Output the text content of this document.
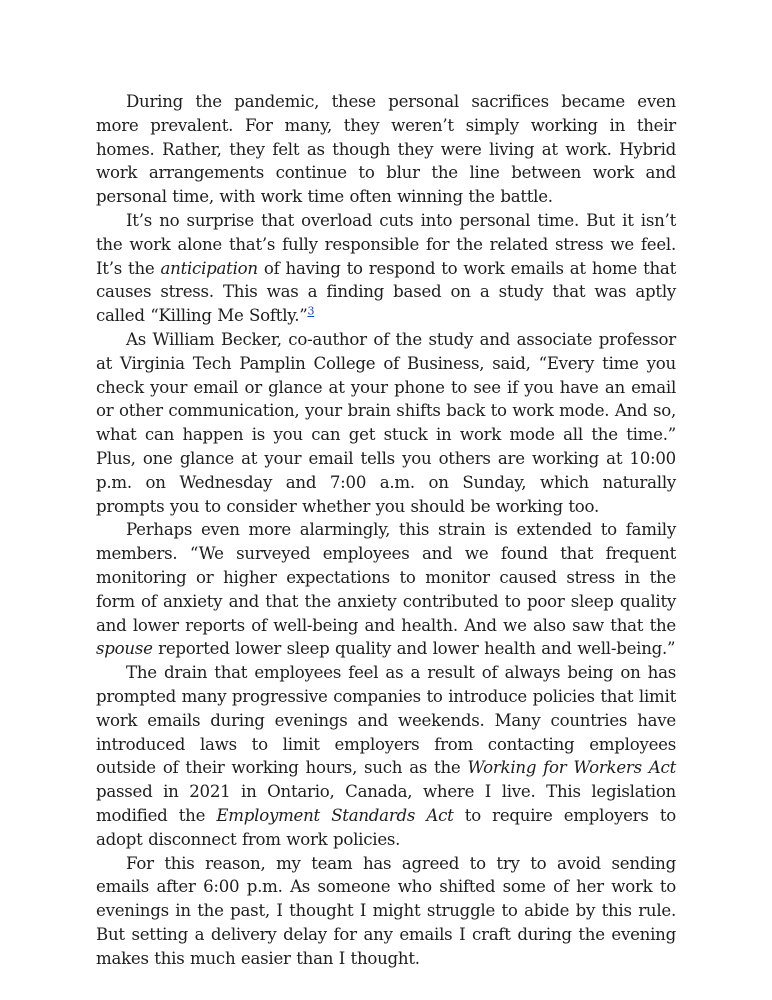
During the pandemic, these personal sacrifices became even more prevalent. For many, they weren’t simply working in their homes. Rather, they felt as though they were living at work. Hybrid work arrangements continue to blur the line between work and personal time, with work time often winning the battle.

It’s no surprise that overload cuts into personal time. But it isn’t the work alone that’s fully responsible for the related stress we feel. It’s the anticipation of having to respond to work emails at home that causes stress. This was a finding based on a study that was aptly called “Killing Me Softly.”$^3$

As William Becker, co-author of the study and associate professor at Virginia Tech Pamplin College of Business, said, “Every time you check your email or glance at your phone to see if you have an email or other communication, your brain shifts back to work mode. And so, what can happen is you can get stuck in work mode all the time.” Plus, one glance at your email tells you others are working at 10:00 p.m. on Wednesday and 7:00 a.m. on Sunday, which naturally prompts you to consider whether you should be working too.

Perhaps even more alarmingly, this strain is extended to family members. “We surveyed employees and we found that frequent monitoring or higher expectations to monitor caused stress in the form of anxiety and that the anxiety contributed to poor sleep quality and lower reports of well-being and health. And we also saw that the spouse reported lower sleep quality and lower health and well-being.”

The drain that employees feel as a result of always being on has prompted many progressive companies to introduce policies that limit work emails during evenings and weekends. Many countries have introduced laws to limit employers from contacting employees outside of their working hours, such as the Working for Workers Act passed in 2021 in Ontario, Canada, where I live. This legislation modified the Employment Standards Act to require employers to adopt disconnect from work policies.

For this reason, my team has agreed to try to avoid sending emails after 6:00 p.m. As someone who shifted some of her work to evenings in the past, I thought I might struggle to abide by this rule. But setting a delivery delay for any emails I craft during the evening makes this much easier than I thought.
